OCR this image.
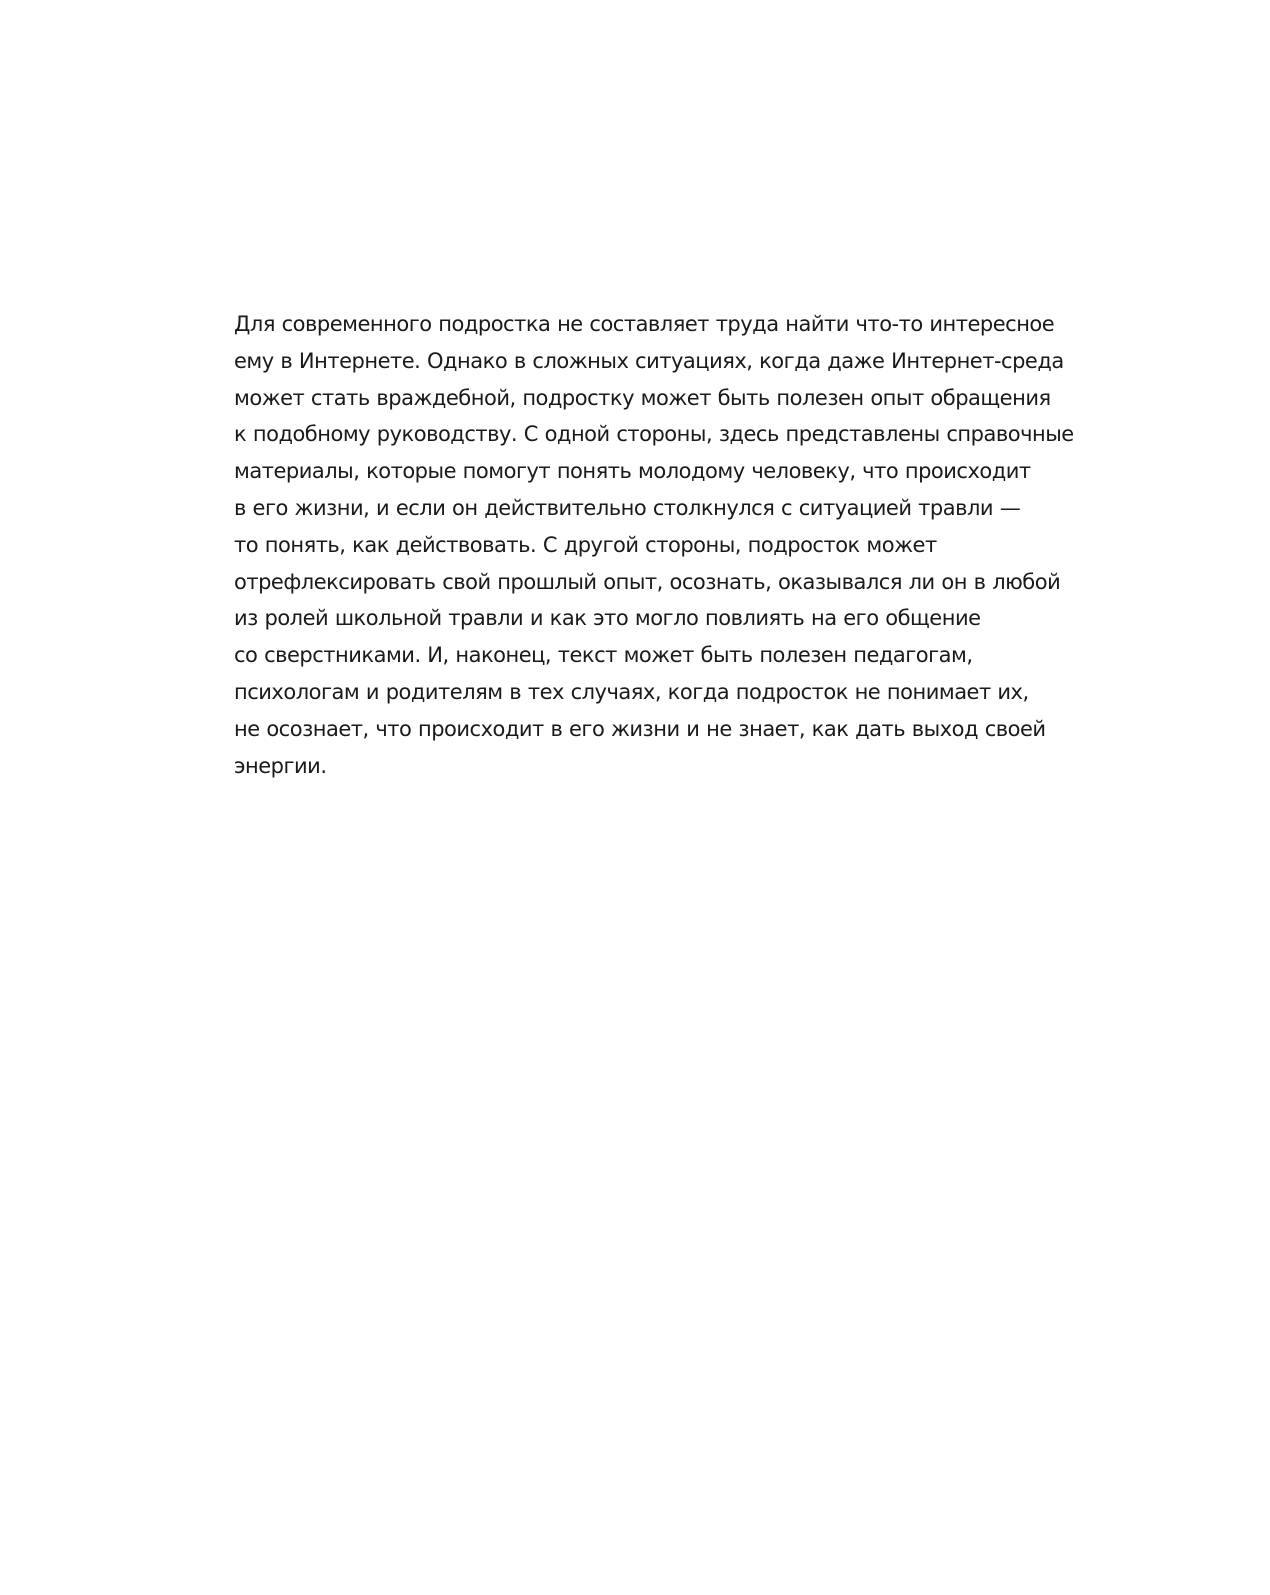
Для современного подростка не составляет труда найти что-то интересное
ему в Интернете. Однако в сложных ситуациях, когда даже Интернет-среда
может стать враждебной, подростку может быть полезен опыт обращения
к подобному руководству. С одной стороны, здесь представлены справочные
материалы, которые помогут понять молодому человеку, что происходит
в его жизни, и если он действительно столкнулся с ситуацией травли —
то понять, как действовать. С другой стороны, подросток может
отрефлексировать свой прошлый опыт, осознать, оказывался ли он в любой
из ролей школьной травли и как это могло повлиять на его общение
со сверстниками. И, наконец, текст может быть полезен педагогам,
психологам и родителям в тех случаях, когда подросток не понимает их,
не осознает, что происходит в его жизни и не знает, как дать выход своей
энергии.
